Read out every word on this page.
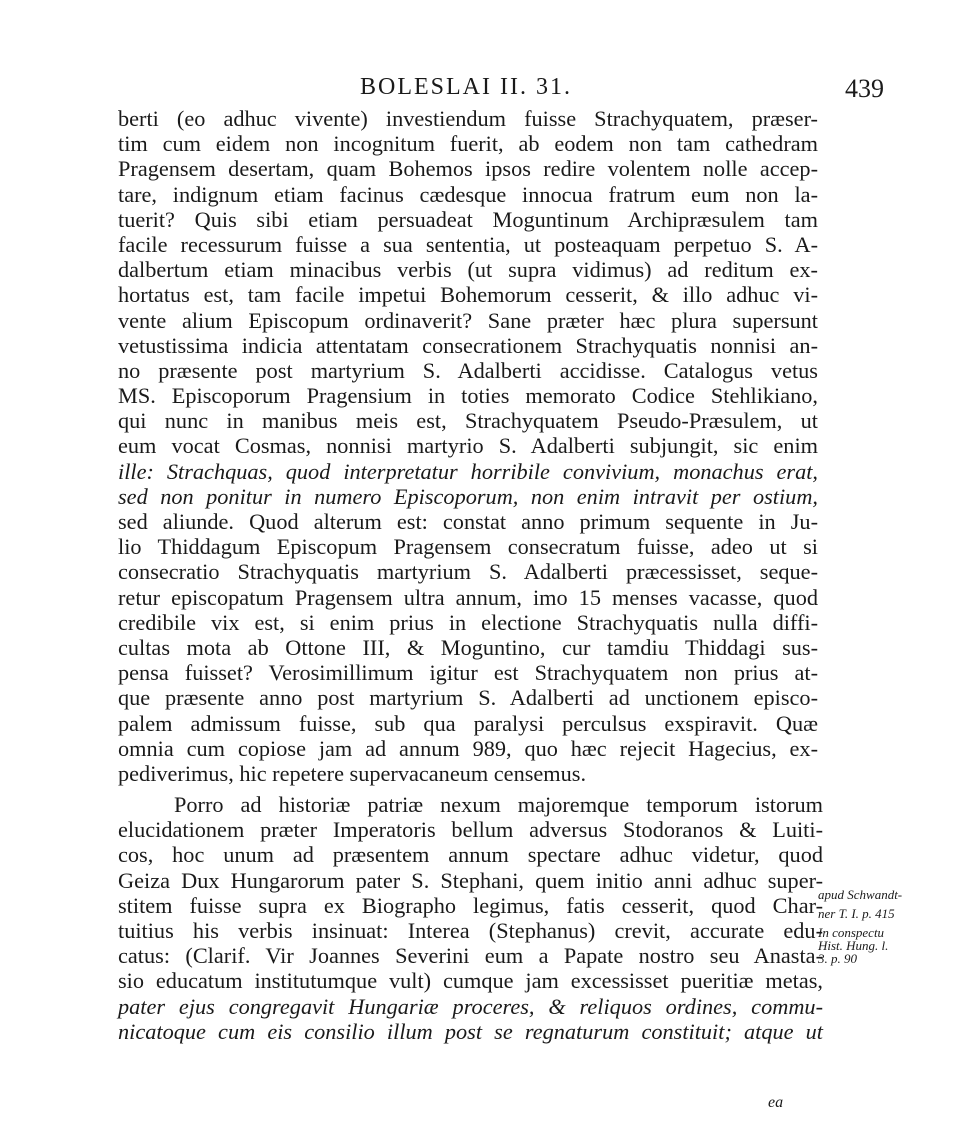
BOLESLAI II. 31.	439
berti (eo adhuc vivente) investiendum fuisse Strachyquatem, præser-
tim cum eidem non incognitum fuerit, ab eodem non tam cathedram
Pragensem desertam, quam Bohemos ipsos redire volentem nolle accep-
tare, indignum etiam facinus cædesque innocua fratrum eum non la-
tuerit? Quis sibi etiam persuadeat Moguntinum Archipræsulem tam
facile recessurum fuisse a sua sententia, ut posteaquam perpetuo S. A-
dalbertum etiam minacibus verbis (ut supra vidimus) ad reditum ex-
hortatus est, tam facile impetui Bohemorum cesserit, & illo adhuc vi-
vente alium Episcopum ordinaverit? Sane præter hæc plura supersunt
vetustissima indicia attentatam consecrationem Strachyquatis nonnisi an-
no præsente post martyrium S. Adalberti accidisse. Catalogus vetus
MS. Episcoporum Pragensium in toties memorato Codice Stehlikiano,
qui nunc in manibus meis est, Strachyquatem Pseudo-Præsulem, ut
eum vocat Cosmas, nonnisi martyrio S. Adalberti subjungit, sic enim
ille: Strachquas, quod interpretatur horribile convivium, monachus erat,
sed non ponitur in numero Episcoporum, non enim intravit per ostium,
sed aliunde. Quod alterum est: constat anno primum sequente in Ju-
lio Thiddagum Episcopum Pragensem consecratum fuisse, adeo ut si
consecratio Strachyquatis martyrium S. Adalberti præcessisset, seque-
retur episcopatum Pragensem ultra annum, imo 15 menses vacasse, quod
credibile vix est, si enim prius in electione Strachyquatis nulla diffi-
cultas mota ab Ottone III, & Moguntino, cur tamdiu Thiddagi sus-
pensa fuisset? Verosimillimum igitur est Strachyquatem non prius at-
que præsente anno post martyrium S. Adalberti ad unctionem episco-
palem admissum fuisse, sub qua paralysi perculsus exspiravit. Quæ
omnia cum copiose jam ad annum 989, quo hæc rejecit Hagecius, ex-
pediverimus, hic repetere supervacaneum censemus.
Porro ad historiæ patriæ nexum majoremque temporum istorum
elucidationem præter Imperatoris bellum adversus Stodoranos & Luiti-
cos, hoc unum ad præsentem annum spectare adhuc videtur, quod
Geiza Dux Hungarorum pater S. Stephani, quem initio anni adhuc super-
stitem fuisse supra ex Biographo legimus, fatis cesserit, quod Char-
tuitius his verbis insinuat: Interea (Stephanus) crevit, accurate edu-
catus: (Clarif. Vir Joannes Severini eum a Papate nostro seu Anasta-
sio educatum institutumque vult) cumque jam excessisset pueritiæ metas,
pater ejus congregavit Hungariæ proceres, & reliquos ordines, commu-
nicatoque cum eis consilio illum post se regnaturum constituit; atque ut
apud Schwandt-
ner T. I. p. 415
In conspectu
Hist. Hung. l.
3. p. 90
ea
